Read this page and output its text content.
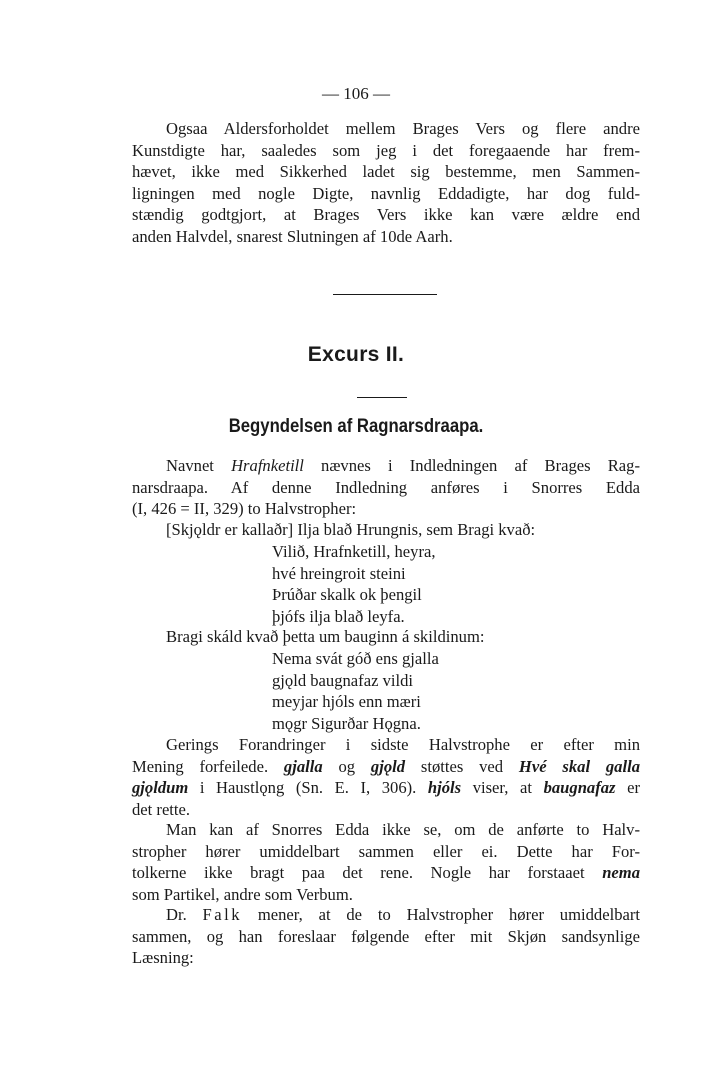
— 106 —
Ogsaa Aldersforholdet mellem Brages Vers og flere andre
Kunstdigte har, saaledes som jeg i det foregaaende har frem-
hævet, ikke med Sikkerhed ladet sig bestemme, men Sammen-
ligningen med nogle Digte, navnlig Eddadigte, har dog fuld-
stændig godtgjort, at Brages Vers ikke kan være ældre end
anden Halvdel, snarest Slutningen af 10de Aarh.
Excurs II.
Begyndelsen af Ragnarsdraapa.
Navnet Hrafnketill nævnes i Indledningen af Brages Rag-
narsdraapa. Af denne Indledning anføres i Snorres Edda
(I, 426 = II, 329) to Halvstropher:
[Skjǫldr er kallaðr] Ilja blað Hrungnis, sem Bragi kvað:
Vilið, Hrafnketill, heyra,
hvé hreingroit steini
Þrúðar skalk ok þengil
þjófs ilja blað leyfa.
Bragi skáld kvað þetta um bauginn á skildinum:
Nema svát góð ens gjalla
gjǫld baugnafaz vildi
meyjar hjóls enn mæri
mǫgr Sigurðar Hǫgna.
Gerings Forandringer i sidste Halvstrophe er efter min
Mening forfeilede. gjalla og gjǫld støttes ved Hvé skal galla
gjǫldum i Haustlǫng (Sn. E. I, 306). hjóls viser, at baugnafaz er
det rette.
Man kan af Snorres Edda ikke se, om de anførte to Halv-
stropher hører umiddelbart sammen eller ei. Dette har For-
tolkerne ikke bragt paa det rene. Nogle har forstaaet nema
som Partikel, andre som Verbum.
Dr. Falk mener, at de to Halvstropher hører umiddelbart
sammen, og han foreslaar følgende efter mit Skjøn sandsynlige
Læsning:
